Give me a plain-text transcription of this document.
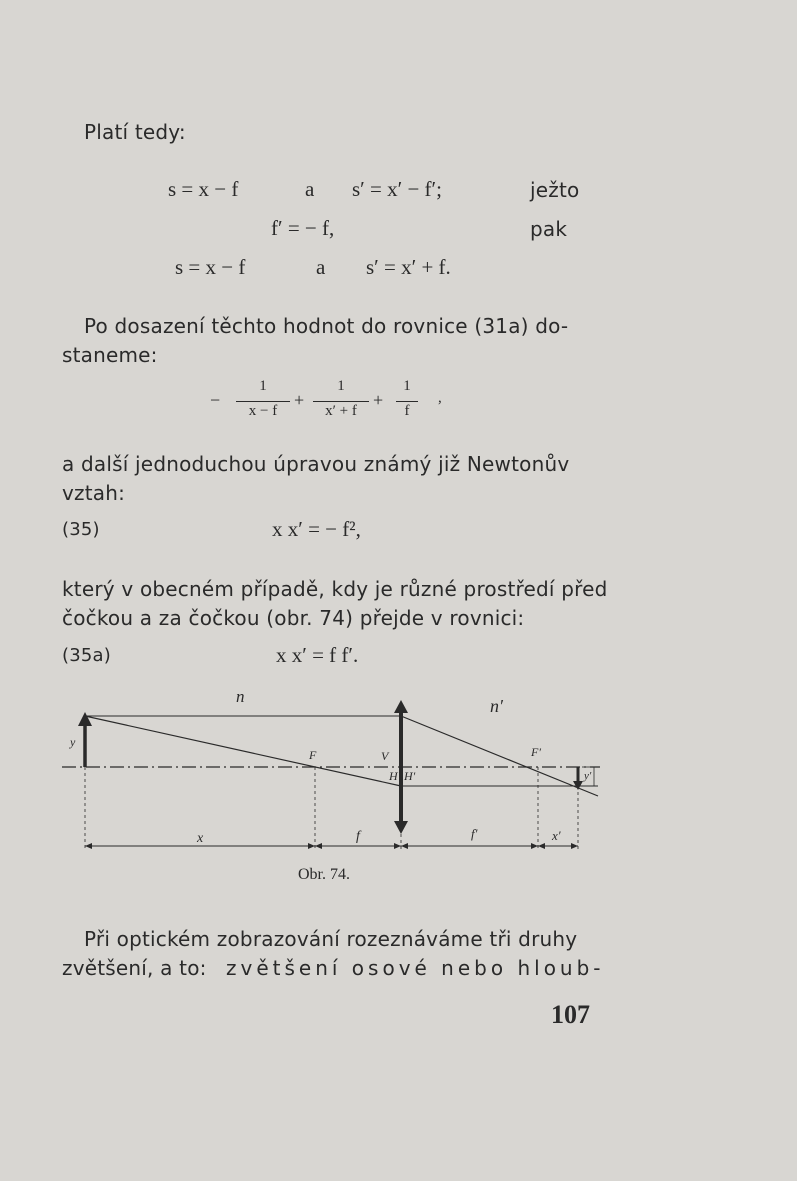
Platí tedy:
s = x − f	a s′ = x′ − f′;	ježto
f′ = − f,	pak
s = x − f	a s′ = x′ + f.
Po dosazení těchto hodnot do rovnice (31a) do-
staneme:
−
1
x − f
+
1
x′ + f
+
1
f
,
a další jednoduchou úpravou známý již Newtonův
vztah:
(35)	x x′ = − f²,
který v obecném případě, kdy je různé prostředí před
čočkou a za čočkou (obr. 74) přejde v rovnici:
(35a)	x x′ = f f′.
n	n′
y
F	V
H H′
F′
y′
x	f	f′	x′
Obr. 74.
Při optickém zobrazování rozeznáváme tři druhy
zvětšení, a to: zvětšení osové nebo hloub-
107
